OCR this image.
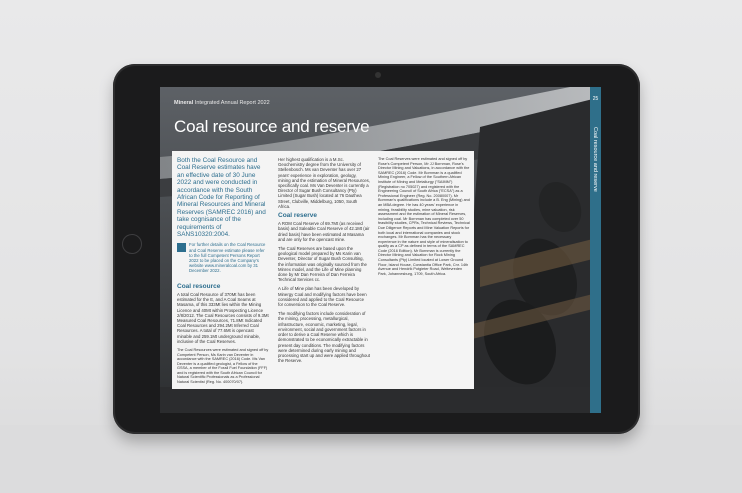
Mineral Integrated Annual Report 2022
Coal resource and reserve
25
Coal resource and reserve

Both the Coal Resource and Coal Reserve estimates have an effective date of 30 June 2022 and were conducted in accordance with the South African Code for Reporting of Mineral Resources and Mineral Reserves (SAMREC 2016) and take cognisance of the requirements of SANS10320:2004.

For further details on the Coal Resource and Coal Reserve estimate please refer to the full Competent Persons Report 2022 to be placed on the Company's website www.mineralcoal.com by 31 December 2022.

Coal resource

A total Coal Resource of 370Mt has been estimated for the E, and A Coal Seams at Masama, of this 333Mt lies within the Mining Licence and 40Mt within Prospecting Licence 2/8/2012. The Coal Resources consists of 9.3Mt Measured Coal Resources, 71.8Mt Indicated Coal Resources and 294.2Mt Inferred Coal Resources. A total of 77.6Mt is opencast minable and 259.1Mt underground minable, inclusive of the Coal Reserves.

The Coal Resources were estimated and signed off by Competent Person, Ms Karin van Deventer in accordance with the SAMREC (2016) Code. Ms Van Deventer is a qualified geologist, a Fellow of the GSSA, a member of the Fossil Fuel Foundation (FFF) and is registered with the South African Council for Natural Scientific Professionals as a Professional Natural Scientist (Reg. No. 400070/07).

Her highest qualification is a M.Sc. Geochemistry degree from the University of Stellenbosch. Ms van Deventer has over 27 years' experience in exploration, geology, mining and the estimation of Mineral Resources, specifically coal. Ms Van Deventer is currently a Director of Sugar Bush Consultancy (Pty) Limited (Sugar Bush) located at 76 Dauthea Street, Clubville, Middelburg, 1050, South Africa.

Coal reserve

A ROM Coal Reserve of 69.7Mt (as received basis) and Saleable Coal Reserve of 42.1Mt (air dried basis) have been estimated at Masama and are only for the opencast mine.

The Coal Reserves are based upon the geological model prepared by Ms Karin van Deventer, Director of Sugar Bush Consulting, the information was originally sourced from the Minrex model, and the Life of Mine planning done by Mr Dan Ferreira of Dan Ferreira Technical Services cc.

A Life of Mine plan has been developed by Minergy Coal and modifying factors have been considered and applied to the Coal Resource for conversion to the Coal Reserve.

The modifying factors include consideration of the mining, processing, metallurgical, infrastructure, economic, marketing, legal, environment, social and government factors in order to derive a Coal Reserve which is demonstrated to be economically extractable in present day conditions. The modifying factors were determined during early mining and processing start up and were applied throughout the Reserve.

The Coal Reserves were estimated and signed off by Rose's Competent Person, Mr JJ Bornman, Rose's Director Mining and Valuations, in accordance with the SAMREC (2016) Code. Mr Bornman is a qualified Mining Engineer, a Fellow of the Southern African Institute of Mining and Metallurgy ("SAIMM") (Registration no 705027) and registered with the Engineering Council of South Africa ("ECSA") as a Professional Engineer (Reg. No. 20080007). Mr Bornman's qualifications include a B. Eng (Mining) and an MBA degree. He has 40 years' experience in mining, feasibility studies, mine valuation, risk assessment and the estimation of Mineral Reserves, including coal. Mr Bornman has completed over 50 feasibility studies, CPRs, Technical Reviews, Technical Due Diligence Reports and Mine Valuation Reports for both local and international companies and stock exchanges. Mr Bornman has the necessary experience in the nature and style of mineralisation to qualify as a CP as defined in terms of the SAMREC Code (2016 Edition). Mr Bornman is currently the Director Mining and Valuation for Rock Mining Consultants (Pty) Limited located at Lower Ground Floor, Island House, Constantia Office Park, Cnr. 14th Avenue and Hendrik Potgieter Road, Weltevreden Park, Johannesburg, 1709, South Africa.
